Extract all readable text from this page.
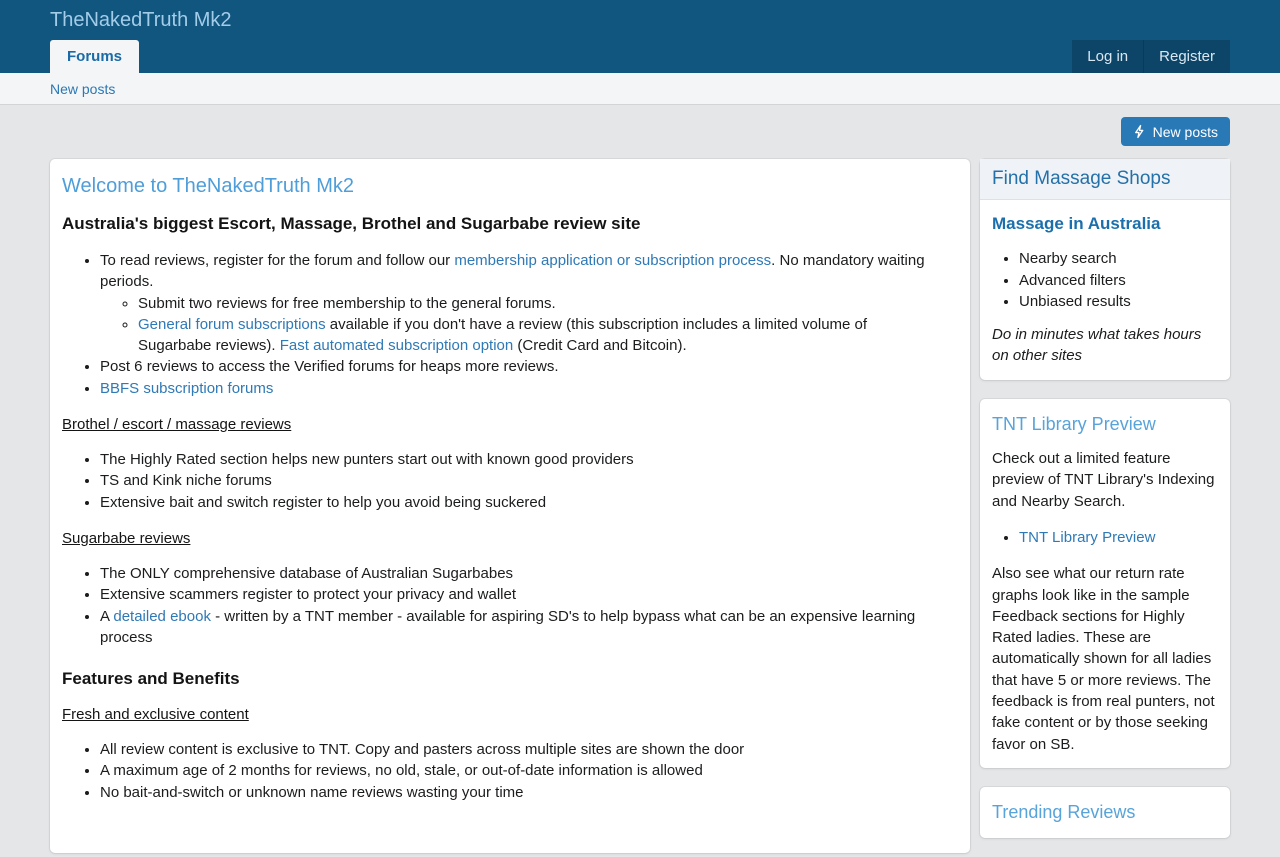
TheNakedTruth Mk2
Forums	Log in	Register
New posts
New posts
Welcome to TheNakedTruth Mk2
Australia's biggest Escort, Massage, Brothel and Sugarbabe review site
• To read reviews, register for the forum and follow our membership application or subscription process. No mandatory waiting periods.
◦ Submit two reviews for free membership to the general forums.
◦ General forum subscriptions available if you don't have a review (this subscription includes a limited volume of Sugarbabe reviews). Fast automated subscription option (Credit Card and Bitcoin).
• Post 6 reviews to access the Verified forums for heaps more reviews.
• BBFS subscription forums
Brothel / escort / massage reviews
• The Highly Rated section helps new punters start out with known good providers
• TS and Kink niche forums
• Extensive bait and switch register to help you avoid being suckered
Sugarbabe reviews
• The ONLY comprehensive database of Australian Sugarbabes
• Extensive scammers register to protect your privacy and wallet
• A detailed ebook - written by a TNT member - available for aspiring SD's to help bypass what can be an expensive learning process
Features and Benefits
Fresh and exclusive content
• All review content is exclusive to TNT. Copy and pasters across multiple sites are shown the door
• A maximum age of 2 months for reviews, no old, stale, or out-of-date information is allowed
• No bait-and-switch or unknown name reviews wasting your time
Find Massage Shops
Massage in Australia
• Nearby search
• Advanced filters
• Unbiased results
Do in minutes what takes hours on other sites
TNT Library Preview

Check out a limited feature preview of TNT Library's Indexing and Nearby Search.

• TNT Library Preview

Also see what our return rate graphs look like in the sample Feedback sections for Highly Rated ladies. These are automatically shown for all ladies that have 5 or more reviews. The feedback is from real punters, not fake content or by those seeking favor on SB.

Trending Reviews
